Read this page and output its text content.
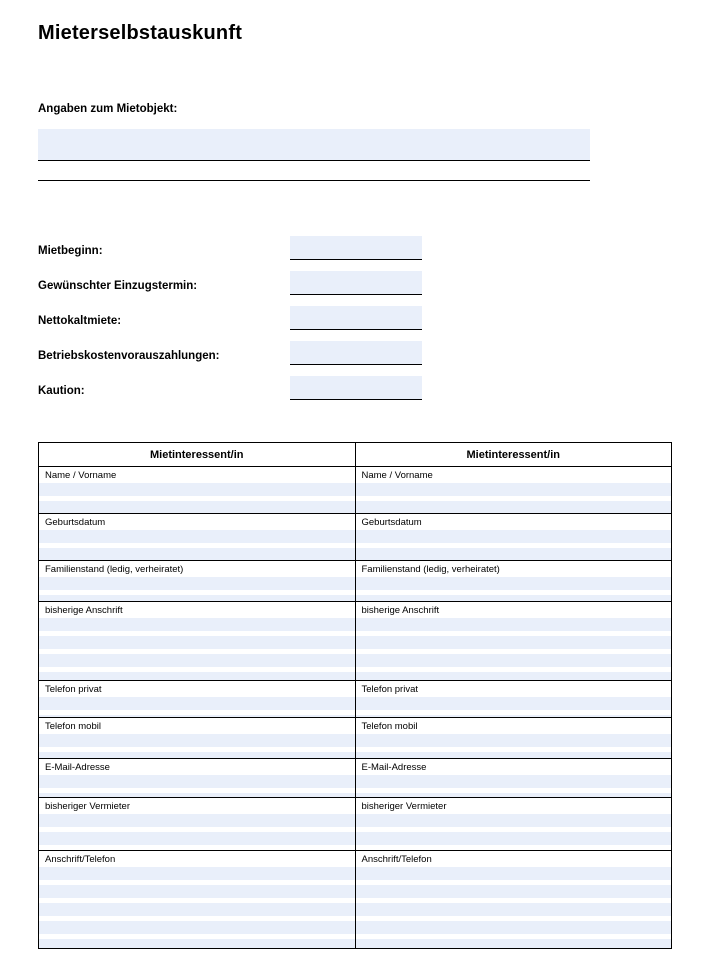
Mieterselbstauskunft
Angaben zum Mietobjekt:
Mietbeginn:
Gewünschter Einzugstermin:
Nettokaltmiete:
Betriebskostenvorauszahlungen:
Kaution:
Mietinteressent/in	Mietinteressent/in

Name / Vorname	Name / Vorname

Geburtsdatum	Geburtsdatum

Familienstand (ledig, verheiratet)	Familienstand (ledig, verheiratet)

bisherige Anschrift	bisherige Anschrift

Telefon privat	Telefon privat

Telefon mobil	Telefon mobil

E-Mail-Adresse	E-Mail-Adresse

bisheriger Vermieter	bisheriger Vermieter

Anschrift/Telefon	Anschrift/Telefon
